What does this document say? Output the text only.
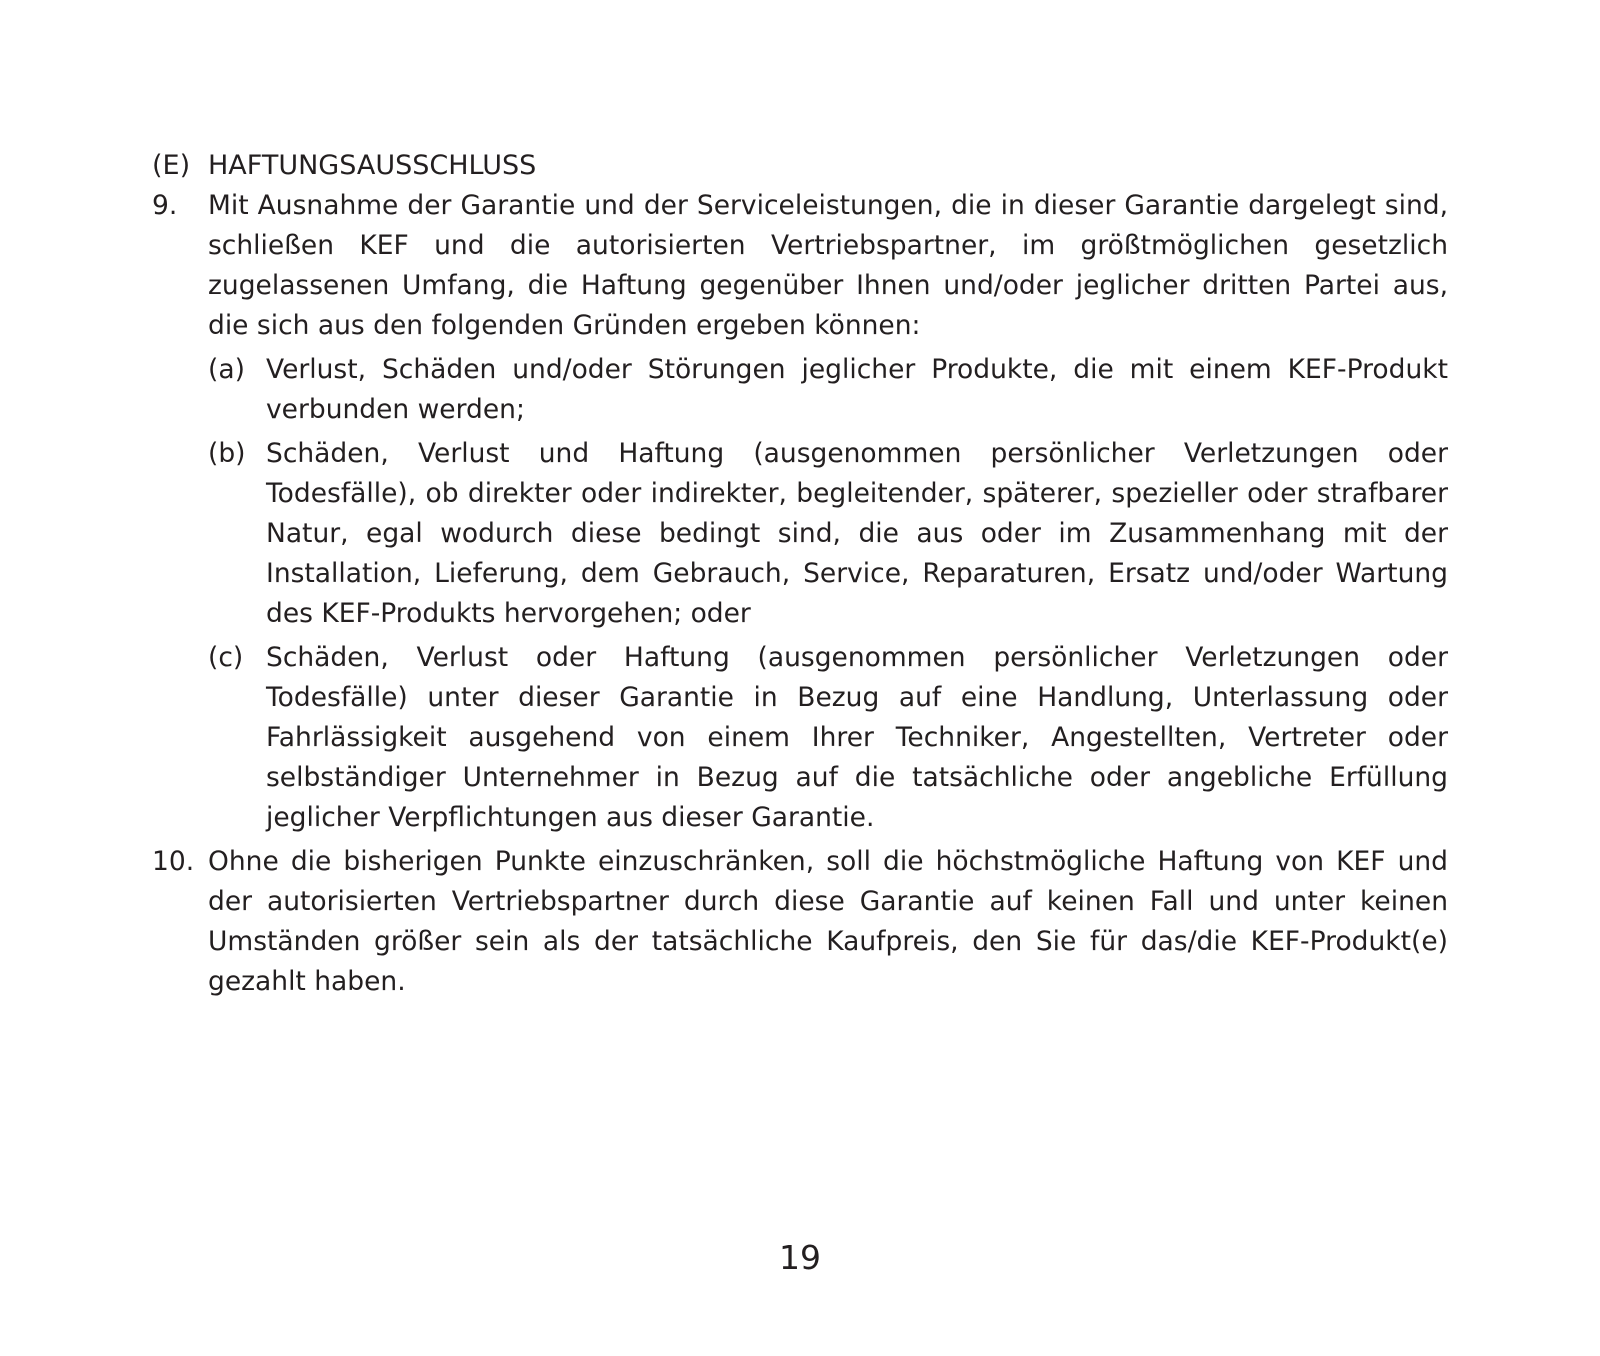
(E) HAFTUNGSAUSSCHLUSS
9.	Mit Ausnahme der Garantie und der Serviceleistungen, die in dieser Garantie dargelegt sind, schließen KEF und die autorisierten Vertriebspartner, im größtmöglichen gesetzlich zugelassenen Umfang, die Haftung gegenüber Ihnen und/oder jeglicher dritten Partei aus, die sich aus den folgenden Gründen ergeben können:

(a) Verlust, Schäden und/oder Störungen jeglicher Produkte, die mit einem KEF-Produkt verbunden werden;

(b) Schäden, Verlust und Haftung (ausgenommen persönlicher Verletzungen oder Todesfälle), ob direkter oder indirekter, begleitender, späterer, spezieller oder strafbarer Natur, egal wodurch diese bedingt sind, die aus oder im Zusammenhang mit der Installation, Lieferung, dem Gebrauch, Service, Reparaturen, Ersatz und/oder Wartung des KEF-Produkts hervorgehen; oder

(c) Schäden, Verlust oder Haftung (ausgenommen persönlicher Verletzungen oder Todesfälle) unter dieser Garantie in Bezug auf eine Handlung, Unterlassung oder Fahrlässigkeit ausgehend von einem Ihrer Techniker, Angestellten, Vertreter oder selbständiger Unternehmer in Bezug auf die tatsächliche oder angebliche Erfüllung jeglicher Verpflichtungen aus dieser Garantie.

10. Ohne die bisherigen Punkte einzuschränken, soll die höchstmögliche Haftung von KEF und der autorisierten Vertriebspartner durch diese Garantie auf keinen Fall und unter keinen Umständen größer sein als der tatsächliche Kaufpreis, den Sie für das/die KEF-Produkt(e) gezahlt haben.

19
